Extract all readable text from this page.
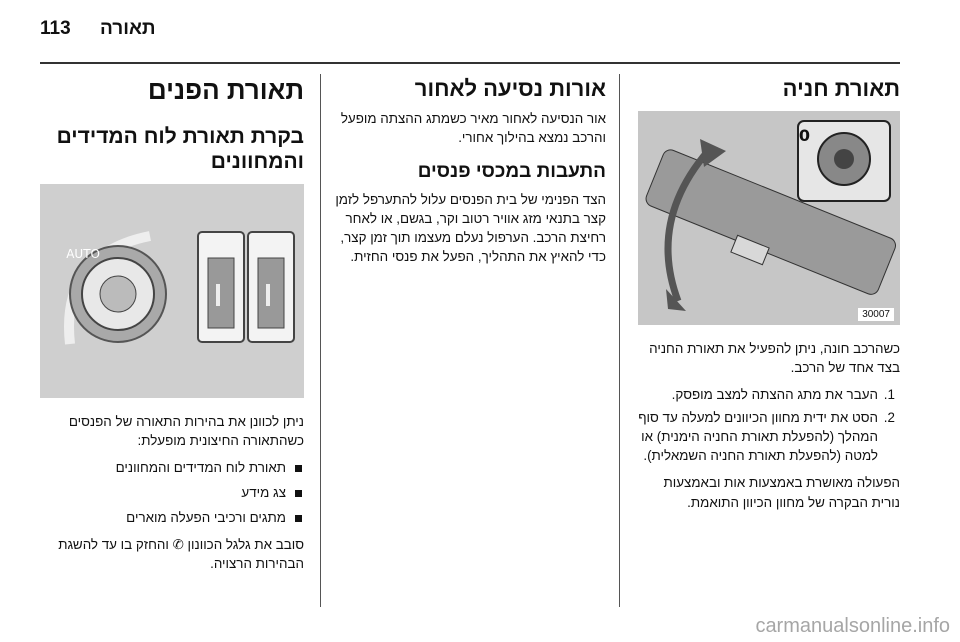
113 תאורה
תאורת חניה
0
30007

כשהרכב חונה, ניתן להפעיל את תאורת החניה בצד אחד של הרכב.

1. העבר את מתג ההצתה למצב מופסק.
2. הסט את ידית מחוון הכיוונים למעלה עד סוף המהלך (להפעלת תאורת החניה הימנית) או למטה (להפעלת תאורת החניה השמאלית).

הפעולה מאושרת באמצעות אות ובאמצעות נורית הבקרה של מחוון הכיוון התואמת.

אורות נסיעה לאחור

אור הנסיעה לאחור מאיר כשמתג ההצתה מופעל והרכב נמצא בהילוך אחורי.

התעבות במכסי פנסים

הצד הפנימי של בית הפנסים עלול להתערפל לזמן קצר בתנאי מזג אוויר רטוב וקר, בגשם, או לאחר רחיצת הרכב. הערפול נעלם מעצמו תוך זמן קצר, כדי להאיץ את התהליך, הפעל את פנסי החזית.

תאורת הפנים
בקרת תאורת לוח המדידים והמחוונים
AUTO

ניתן לכוונן את בהירות התאורה של הפנסים כשהתאורה החיצונית מופעלת:

תאורת לוח המדידים והמחוונים
צג מידע
מתגים ורכיבי הפעלה מוארים

סובב את גלגל הכוונון ✆ והחזק בו עד להשגת הבהירות הרצויה.

carmanualsonline.info
